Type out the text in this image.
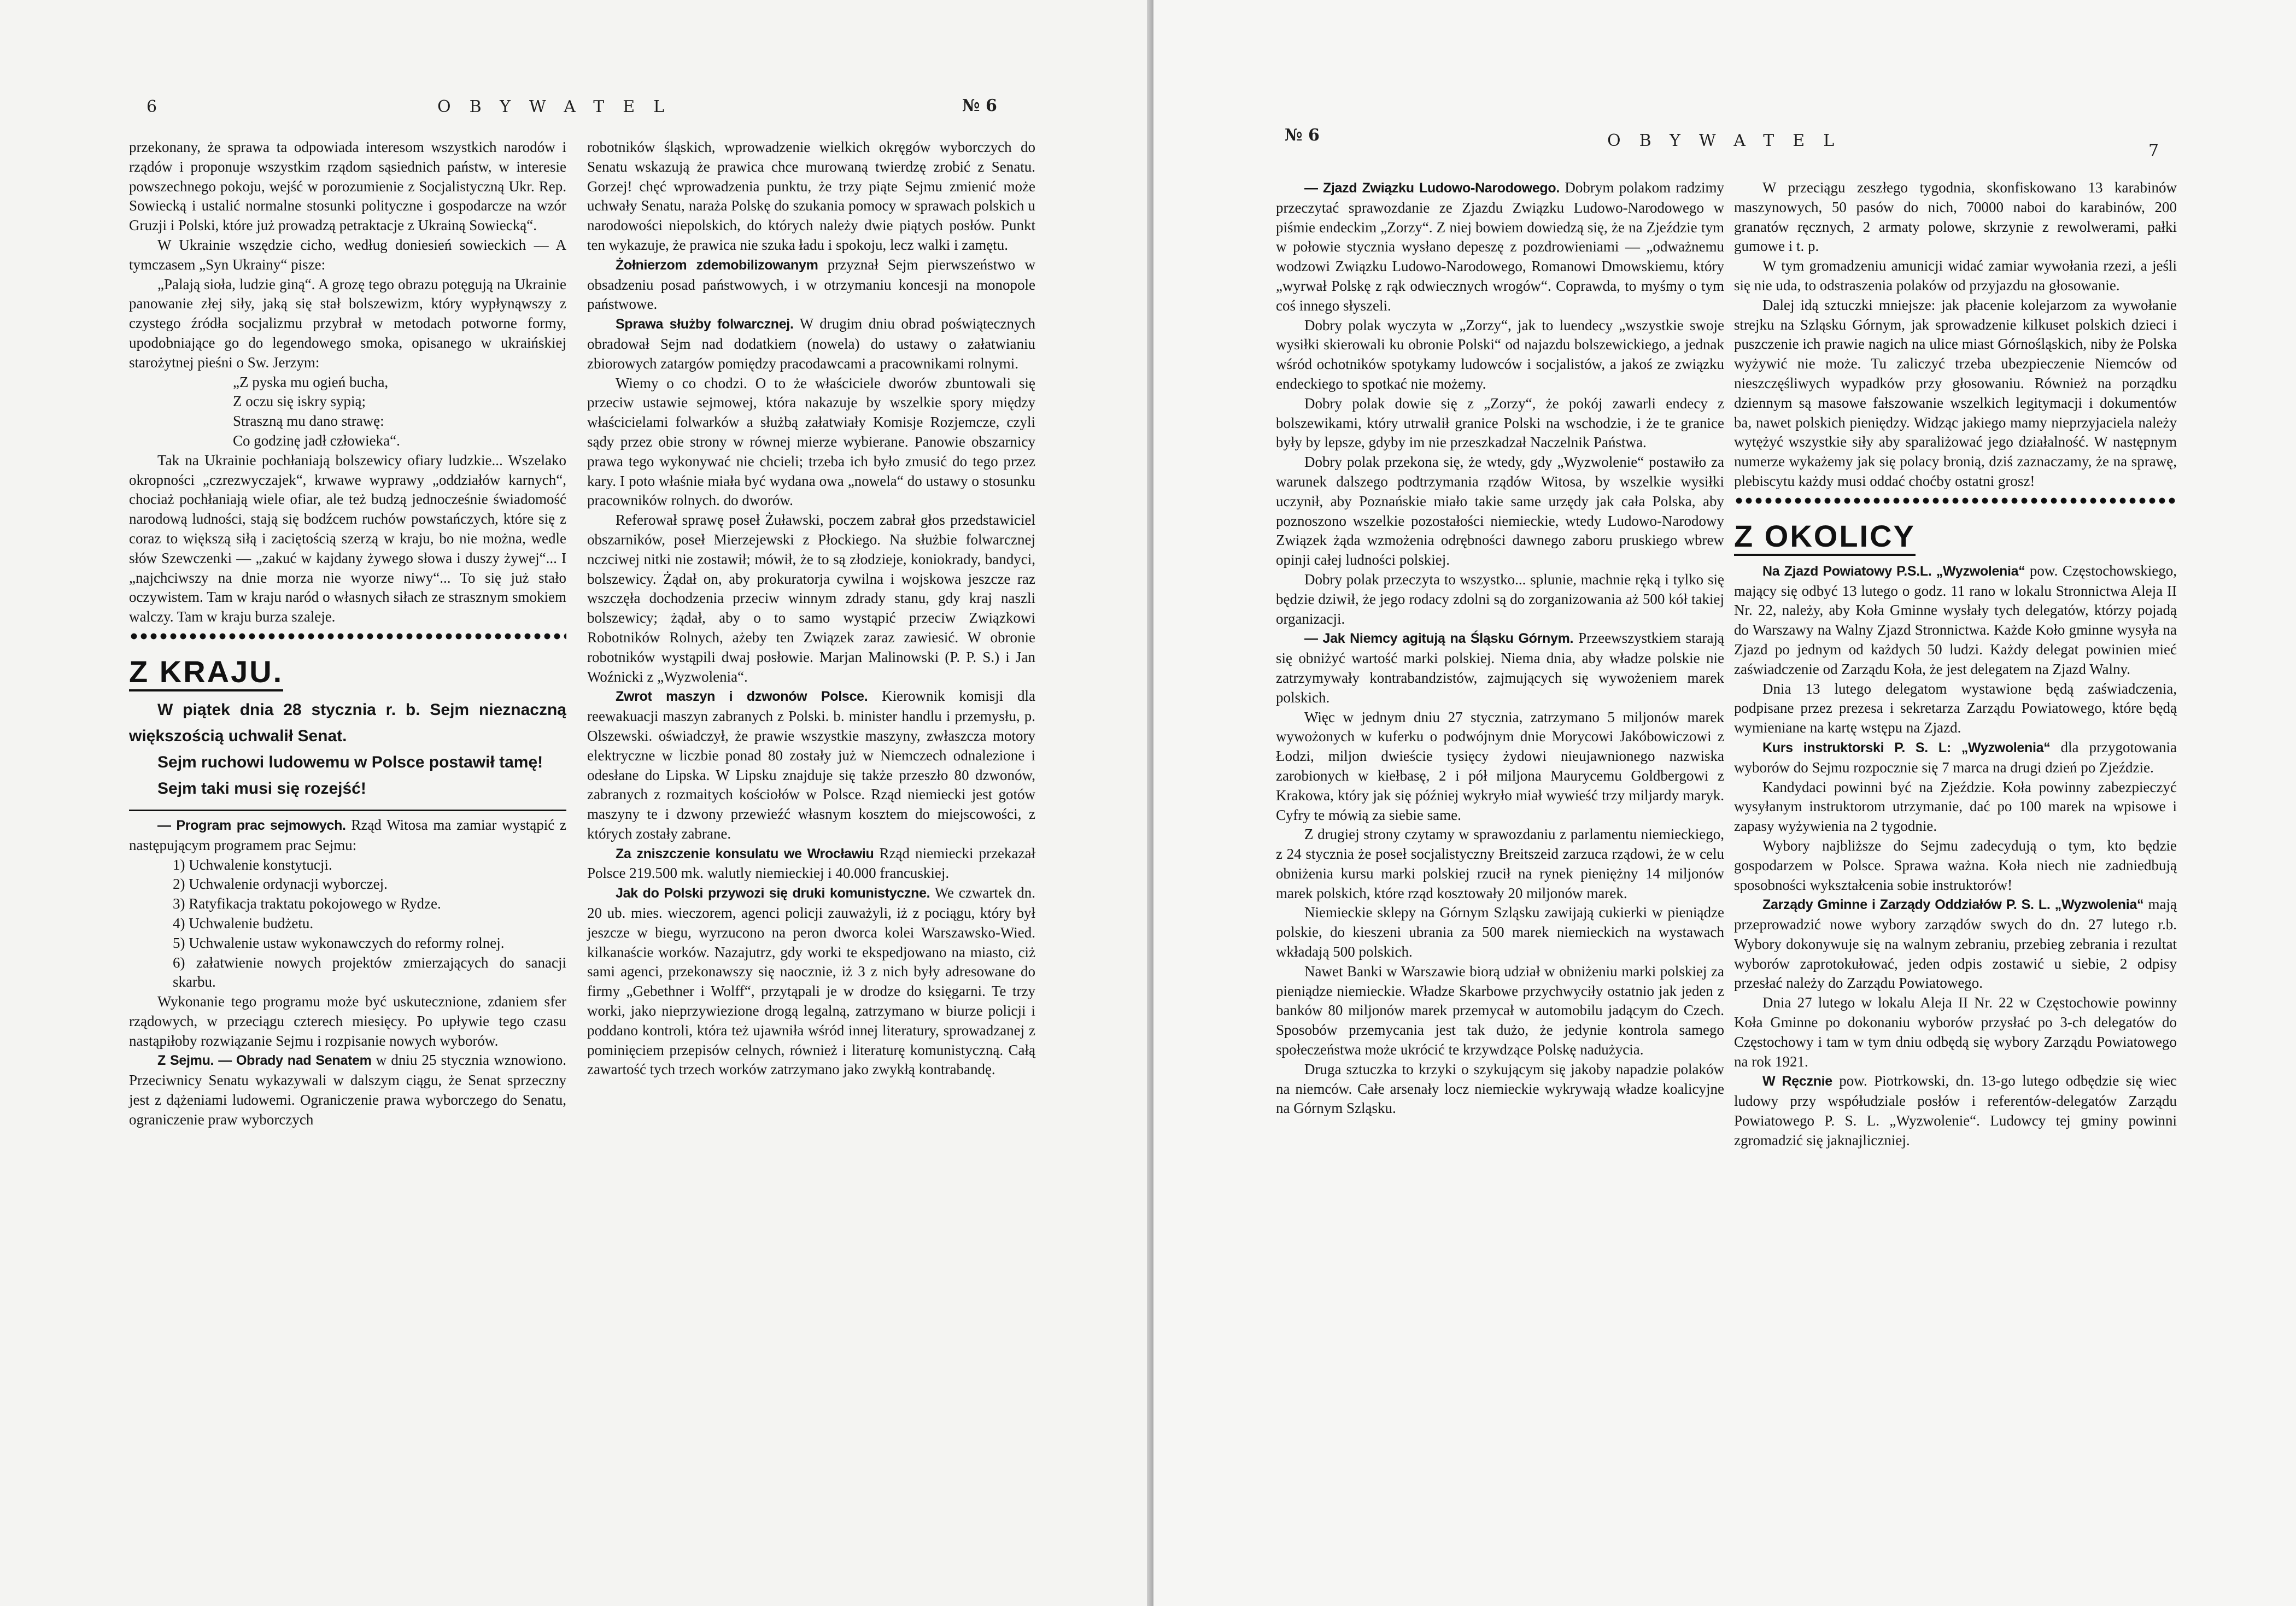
6	OBYWATEL	№ 6

przekonany, że sprawa ta odpowiada interesom wszystkich narodów i rządów i proponuje wszystkim rządom sąsiednich państw, w interesie powszechnego pokoju, wejść w porozumienie z Socjalistyczną Ukr. Rep. Sowiecką i ustalić normalne stosunki polityczne i gospodarcze na wzór Gruzji i Polski, które już prowadzą petraktacje z Ukrainą Sowiecką“.

W Ukrainie wszędzie cicho, według doniesień sowieckich — A tymczasem „Syn Ukrainy“ pisze:

„Palają sioła, ludzie giną“. A grozę tego obrazu potęgują na Ukrainie panowanie złej siły, jaką się stał bolszewizm, który wypłynąwszy z czystego źródła socjalizmu przybrał w metodach potworne formy, upodobniające go do legendowego smoka, opisanego w ukraińskiej starożytnej pieśni o Sw. Jerzym:

„Z pyska mu ogień bucha,
Z oczu się iskry sypią;
Straszną mu dano strawę:
Co godzinę jadł człowieka“.

Tak na Ukrainie pochłaniają bolszewicy ofiary ludzkie... Wszelako okropności „czrezwyczajek“, krwawe wyprawy „oddziałów karnych“, chociaż pochłaniają wiele ofiar, ale też budzą jednocześnie świadomość narodową ludności, stają się bodźcem ruchów powstańczych, które się z coraz to większą siłą i zaciętością szerzą w kraju, bo nie można, wedle słów Szewczenki — „zakuć w kajdany żywego słowa i duszy żywej“... I „najchciwszy na dnie morza nie wyorze niwy“... To się już stało oczywistem. Tam w kraju naród o własnych siłach ze strasznym smokiem walczy. Tam w kraju burza szaleje.

Z KRAJU.

W piątek dnia 28 stycznia r. b. Sejm nieznaczną większością uchwalił Senat.

Sejm ruchowi ludowemu w Polsce postawił tamę!

Sejm taki musi się rozejść!

— Program prac sejmowych. Rząd Witosa ma zamiar wystąpić z następującym programem prac Sejmu:

1) Uchwalenie konstytucji.
2) Uchwalenie ordynacji wyborczej.
3) Ratyfikacja traktatu pokojowego w Rydze.
4) Uchwalenie budżetu.
5) Uchwalenie ustaw wykonawczych do reformy rolnej.
6) załatwienie nowych projektów zmierzających do sanacji skarbu.

Wykonanie tego programu może być uskutecznione, zdaniem sfer rządowych, w przeciągu czterech miesięcy. Po upływie tego czasu nastąpiłoby rozwiązanie Sejmu i rozpisanie nowych wyborów.

Z Sejmu. — Obrady nad Senatem w dniu 25 stycznia wznowiono. Przeciwnicy Senatu wykazywali w dalszym ciągu, że Senat sprzeczny jest z dążeniami ludowemi. Ograniczenie prawa wyborczego do Senatu, ograniczenie praw wyborczych

robotników śląskich, wprowadzenie wielkich okręgów wyborczych do Senatu wskazują że prawica chce murowaną twierdzę zrobić z Senatu. Gorzej! chęć wprowadzenia punktu, że trzy piąte Sejmu zmienić może uchwały Senatu, naraża Polskę do szukania pomocy w sprawach polskich u narodowości niepolskich, do których należy dwie piątych posłów. Punkt ten wykazuje, że prawica nie szuka ładu i spokoju, lecz walki i zamętu.

Żołnierzom zdemobilizowanym przyznał Sejm pierwszeństwo w obsadzeniu posad państwowych, i w otrzymaniu koncesji na monopole państwowe.

Sprawa służby folwarcznej. W drugim dniu obrad poświątecznych obradował Sejm nad dodatkiem (nowela) do ustawy o załatwianiu zbiorowych zatargów pomiędzy pracodawcami a pracownikami rolnymi.

Wiemy o co chodzi. O to że właściciele dworów zbuntowali się przeciw ustawie sejmowej, która nakazuje by wszelkie spory między właścicielami folwarków a służbą załatwiały Komisje Rozjemcze, czyli sądy przez obie strony w równej mierze wybierane. Panowie obszarnicy prawa tego wykonywać nie chcieli; trzeba ich było zmusić do tego przez kary. I poto właśnie miała być wydana owa „nowela“ do ustawy o stosunku pracowników rolnych. do dworów.

Referował sprawę poseł Żuławski, poczem zabrał głos przedstawiciel obszarników, poseł Mierzejewski z Płockiego. Na służbie folwarcznej nczciwej nitki nie zostawił; mówił, że to są złodzieje, koniokrady, bandyci, bolszewicy. Żądał on, aby prokuratorja cywilna i wojskowa jeszcze raz wszczęła dochodzenia przeciw winnym zdrady stanu, gdy kraj naszli bolszewicy; żądał, aby o to samo wystąpić przeciw Związkowi Robotników Rolnych, ażeby ten Związek zaraz zawiesić. W obronie robotników wystąpili dwaj posłowie. Marjan Malinowski (P. P. S.) i Jan Woźnicki z „Wyzwolenia“.

Zwrot maszyn i dzwonów Polsce. Kierownik komisji dla reewakuacji maszyn zabranych z Polski. b. minister handlu i przemysłu, p. Olszewski. oświadczył, że prawie wszystkie maszyny, zwłaszcza motory elektryczne w liczbie ponad 80 zostały już w Niemczech odnalezione i odesłane do Lipska. W Lipsku znajduje się także przeszło 80 dzwonów, zabranych z rozmaitych kościołów w Polsce. Rząd niemiecki jest gotów maszyny te i dzwony przewieźć własnym kosztem do miejscowości, z których zostały zabrane.

Za zniszczenie konsulatu we Wrocławiu Rząd niemiecki przekazał Polsce 219.500 mk. walutly niemieckiej i 40.000 francuskiej.

Jak do Polski przywozi się druki komunistyczne. We czwartek dn. 20 ub. mies. wieczorem, agenci policji zauważyli, iż z pociągu, który był jeszcze w biegu, wyrzucono na peron dworca kolei Warszawsko-Wied. kilkanaście worków. Nazajutrz, gdy worki te ekspedjowano na miasto, ciż sami agenci, przekonawszy się naocznie, iż 3 z nich były adresowane do firmy „Gebethner i Wolff“, przytąpali je w drodze do księgarni. Te trzy worki, jako nieprzywiezione drogą legalną, zatrzymano w biurze policji i poddano kontroli, która też ujawniła wśród innej literatury, sprowadzanej z pominięciem przepisów celnych, również i literaturę komunistyczną. Całą zawartość tych trzech worków zatrzymano jako zwykłą kontrabandę.

№ 6	OBYWATEL
7

— Zjazd Związku Ludowo-Narodowego. Dobrym polakom radzimy przeczytać sprawozdanie ze Zjazdu Związku Ludowo-Narodowego w piśmie endeckim „Zorzy“. Z niej bowiem dowiedzą się, że na Zjeździe tym w połowie stycznia wysłano depeszę z pozdrowieniami — „odważnemu wodzowi Związku Ludowo-Narodowego, Romanowi Dmowskiemu, który „wyrwał Polskę z rąk odwiecznych wrogów“. Coprawda, to myśmy o tym coś innego słyszeli.

Dobry polak wyczyta w „Zorzy“, jak to luendecy „wszystkie swoje wysiłki skierowali ku obronie Polski“ od najazdu bolszewickiego, a jednak wśród ochotników spotykamy ludowców i socjalistów, a jakoś ze związku endeckiego to spotkać nie możemy.

Dobry polak dowie się z „Zorzy“, że pokój zawarli endecy z bolszewikami, który utrwalił granice Polski na wschodzie, i że te granice były by lepsze, gdyby im nie przeszkadzał Naczelnik Państwa.

Dobry polak przekona się, że wtedy, gdy „Wyzwolenie“ postawiło za warunek dalszego podtrzymania rządów Witosa, by wszelkie wysiłki uczynił, aby Poznańskie miało takie same urzędy jak cała Polska, aby poznoszono wszelkie pozostałości niemieckie, wtedy Ludowo-Narodowy Związek żąda wzmożenia odrębności dawnego zaboru pruskiego wbrew opinji całej ludności polskiej.

Dobry polak przeczyta to wszystko... splunie, machnie ręką i tylko się będzie dziwił, że jego rodacy zdolni są do zorganizowania aż 500 kół takiej organizacji.

— Jak Niemcy agitują na Śląsku Górnym. Przeewszystkiem starają się obniżyć wartość marki polskiej. Niema dnia, aby władze polskie nie zatrzymywały kontrabandzistów, zajmujących się wywożeniem marek polskich.

Więc w jednym dniu 27 stycznia, zatrzymano 5 miljonów marek wywożonych w kuferku o podwójnym dnie Morycowi Jakóbowiczowi z Łodzi, miljon dwieście tysięcy żydowi nieujawnionego nazwiska zarobionych w kiełbasę, 2 i pół miljona Maurycemu Goldbergowi z Krakowa, który jak się później wykryło miał wywieść trzy miljardy maryk. Cyfry te mówią za siebie same.

Z drugiej strony czytamy w sprawozdaniu z parlamentu niemieckiego, z 24 stycznia że poseł socjalistyczny Breitszeid zarzuca rządowi, że w celu obniżenia kursu marki polskiej rzucił na rynek pieniężny 14 miljonów marek polskich, które rząd kosztowały 20 miljonów marek.

Niemieckie sklepy na Górnym Szląsku zawijają cukierki w pieniądze polskie, do kieszeni ubrania za 500 marek niemieckich na wystawach wkładają 500 polskich.

Nawet Banki w Warszawie biorą udział w obniżeniu marki polskiej za pieniądze niemieckie. Władze Skarbowe przychwyciły ostatnio jak jeden z banków 80 miljonów marek przemycał w automobilu jadącym do Czech. Sposobów przemycania jest tak dużo, że jedynie kontrola samego społeczeństwa może ukrócić te krzywdzące Polskę nadużycia.

Druga sztuczka to krzyki o szykującym się jakoby napadzie polaków na niemców. Całe arsenały locz niemieckie wykrywają władze koalicyjne na Górnym Szląsku.

W przeciągu zeszłego tygodnia, skonfiskowano 13 karabinów maszynowych, 50 pasów do nich, 70000 naboi do karabinów, 200 granatów ręcznych, 2 armaty polowe, skrzynie z rewolwerami, pałki gumowe i t. p.

W tym gromadzeniu amunicji widać zamiar wywołania rzezi, a jeśli się nie uda, to odstraszenia polaków od przyjazdu na głosowanie.

Dalej idą sztuczki mniejsze: jak płacenie kolejarzom za wywołanie strejku na Szląsku Górnym, jak sprowadzenie kilkuset polskich dzieci i puszczenie ich prawie nagich na ulice miast Górnośląskich, niby że Polska wyżywić nie może. Tu zaliczyć trzeba ubezpieczenie Niemców od nieszczęśliwych wypadków przy głosowaniu. Również na porządku dziennym są masowe fałszowanie wszelkich legitymacji i dokumentów ba, nawet polskich pieniędzy. Widząc jakiego mamy nieprzyjaciela należy wytężyć wszystkie siły aby sparaliżować jego działalność. W następnym numerze wykażemy jak się polacy bronią, dziś zaznaczamy, że na sprawę, plebiscytu każdy musi oddać choćby ostatni grosz!

Z OKOLICY

Na Zjazd Powiatowy P.S.L. „Wyzwolenia“ pow. Częstochowskiego, mający się odbyć 13 lutego o godz. 11 rano w lokalu Stronnictwa Aleja II Nr. 22, należy, aby Koła Gminne wysłały tych delegatów, którzy pojadą do Warszawy na Walny Zjazd Stronnictwa. Każde Koło gminne wysyła na Zjazd po jednym od każdych 50 ludzi. Każdy delegat powinien mieć zaświadczenie od Zarządu Koła, że jest delegatem na Zjazd Walny.

Dnia 13 lutego delegatom wystawione będą zaświadczenia, podpisane przez prezesa i sekretarza Zarządu Powiatowego, które będą wymieniane na kartę wstępu na Zjazd.

Kurs instruktorski P. S. L: „Wyzwolenia“ dla przygotowania wyborów do Sejmu rozpocznie się 7 marca na drugi dzień po Zjeździe.

Kandydaci powinni być na Zjeździe. Koła powinny zabezpieczyć wysyłanym instruktorom utrzymanie, dać po 100 marek na wpisowe i zapasy wyżywienia na 2 tygodnie.

Wybory najbliższe do Sejmu zadecydują o tym, kto będzie gospodarzem w Polsce. Sprawa ważna. Koła niech nie zadniedbują sposobności wykształcenia sobie instruktorów!

Zarządy Gminne i Zarządy Oddziałów P. S. L. „Wyzwolenia“ mają przeprowadzić nowe wybory zarządów swych do dn. 27 lutego r.b. Wybory dokonywuje się na walnym zebraniu, przebieg zebrania i rezultat wyborów zaprotokułować, jeden odpis zostawić u siebie, 2 odpisy przesłać należy do Zarządu Powiatowego.

Dnia 27 lutego w lokalu Aleja II Nr. 22 w Częstochowie powinny Koła Gminne po dokonaniu wyborów przysłać po 3-ch delegatów do Częstochowy i tam w tym dniu odbędą się wybory Zarządu Powiatowego na rok 1921.

W Ręcznie pow. Piotrkowski, dn. 13-go lutego odbędzie się wiec ludowy przy współudziale posłów i referentów-delegatów Zarządu Powiatowego P. S. L. „Wyzwolenie“. Ludowcy tej gminy powinni zgromadzić się jaknajliczniej.
